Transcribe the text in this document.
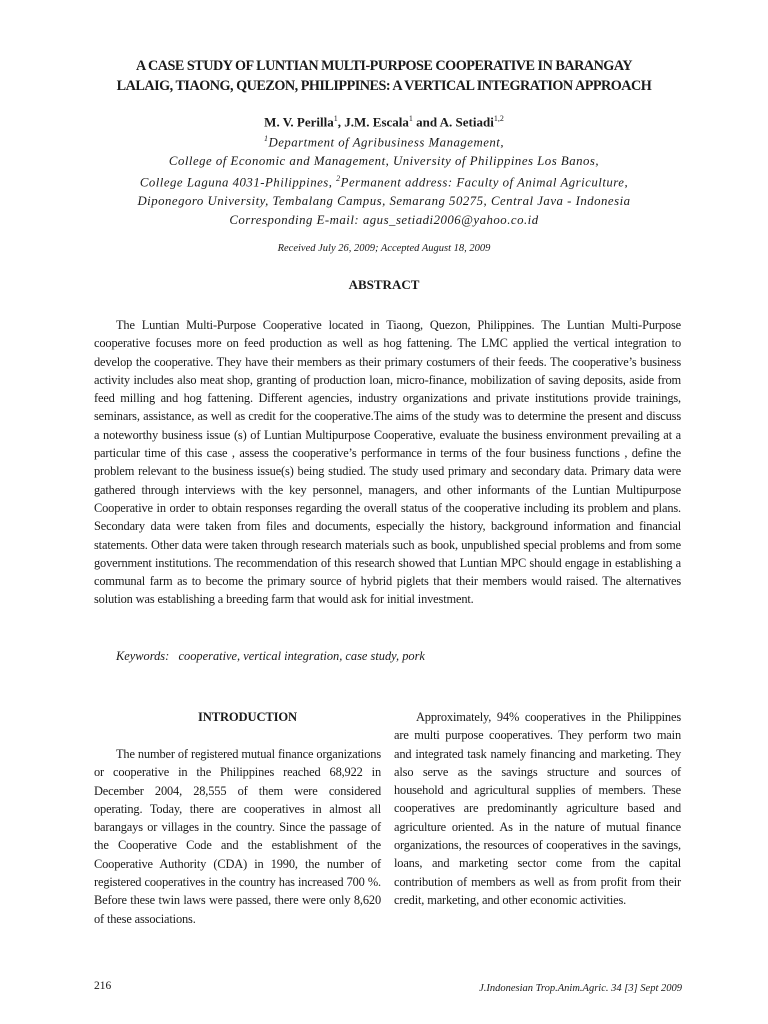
A CASE STUDY OF LUNTIAN MULTI-PURPOSE COOPERATIVE IN BARANGAY
LALAIG, TIAONG, QUEZON, PHILIPPINES: A VERTICAL INTEGRATION APPROACH
M. V. Perilla$^1$, J.M. Escala$^1$ and A. Setiadi$^{1,2}$
$^1$Department of Agribusiness Management,
College of Economic and Management, University of Philippines Los Banos,
College Laguna 4031-Philippines, $^2$Permanent address: Faculty of Animal Agriculture,
Diponegoro University, Tembalang Campus, Semarang 50275, Central Java - Indonesia
Corresponding E-mail: agus_setiadi2006@yahoo.co.id
Received July 26, 2009; Accepted August 18, 2009
ABSTRACT

The Luntian Multi-Purpose Cooperative located in Tiaong, Quezon, Philippines. The Luntian Multi-Purpose cooperative focuses more on feed production as well as hog fattening. The LMC applied the vertical integration to develop the cooperative. They have their members as their primary costumers of their feeds. The cooperative’s business activity includes also meat shop, granting of production loan, micro-finance, mobilization of saving deposits, aside from feed milling and hog fattening. Different agencies, industry organizations and private institutions provide trainings, seminars, assistance, as well as credit for the cooperative.The aims of the study was to determine the present and discuss a noteworthy business issue (s) of Luntian Multipurpose Cooperative, evaluate the business environment prevailing at a particular time of this case , assess the cooperative’s performance in terms of the four business functions , define the problem relevant to the business issue(s) being studied. The study used primary and secondary data. Primary data were gathered through interviews with the key personnel, managers, and other informants of the Luntian Multipurpose Cooperative in order to obtain responses regarding the overall status of the cooperative including its problem and plans. Secondary data were taken from files and documents, especially the history, background information and financial statements. Other data were taken through research materials such as book, unpublished special problems and from some government institutions. The recommendation of this research showed that Luntian MPC should engage in establishing a communal farm as to become the primary source of hybrid piglets that their members would raised. The alternatives solution was establishing a breeding farm that would ask for initial investment.

Keywords: cooperative, vertical integration, case study, pork
INTRODUCTION

The number of registered mutual finance organizations or cooperative in the Philippines reached 68,922 in December 2004, 28,555 of them were considered operating. Today, there are cooperatives in almost all barangays or villages in the country. Since the passage of the Cooperative Code and the establishment of the Cooperative Authority (CDA) in 1990, the number of registered cooperatives in the country has increased 700 %. Before these twin laws were passed, there were only 8,620 of these associations.

Approximately, 94% cooperatives in the Philippines are multi purpose cooperatives. They perform two main and integrated task namely financing and marketing. They also serve as the savings structure and sources of household and agricultural supplies of members. These cooperatives are predominantly agriculture based and agriculture oriented. As in the nature of mutual finance organizations, the resources of cooperatives in the savings, loans, and marketing sector come from the capital contribution of members as well as from profit from their credit, marketing, and other economic activities.

216	J.Indonesian Trop.Anim.Agric. 34 [3] Sept 2009
